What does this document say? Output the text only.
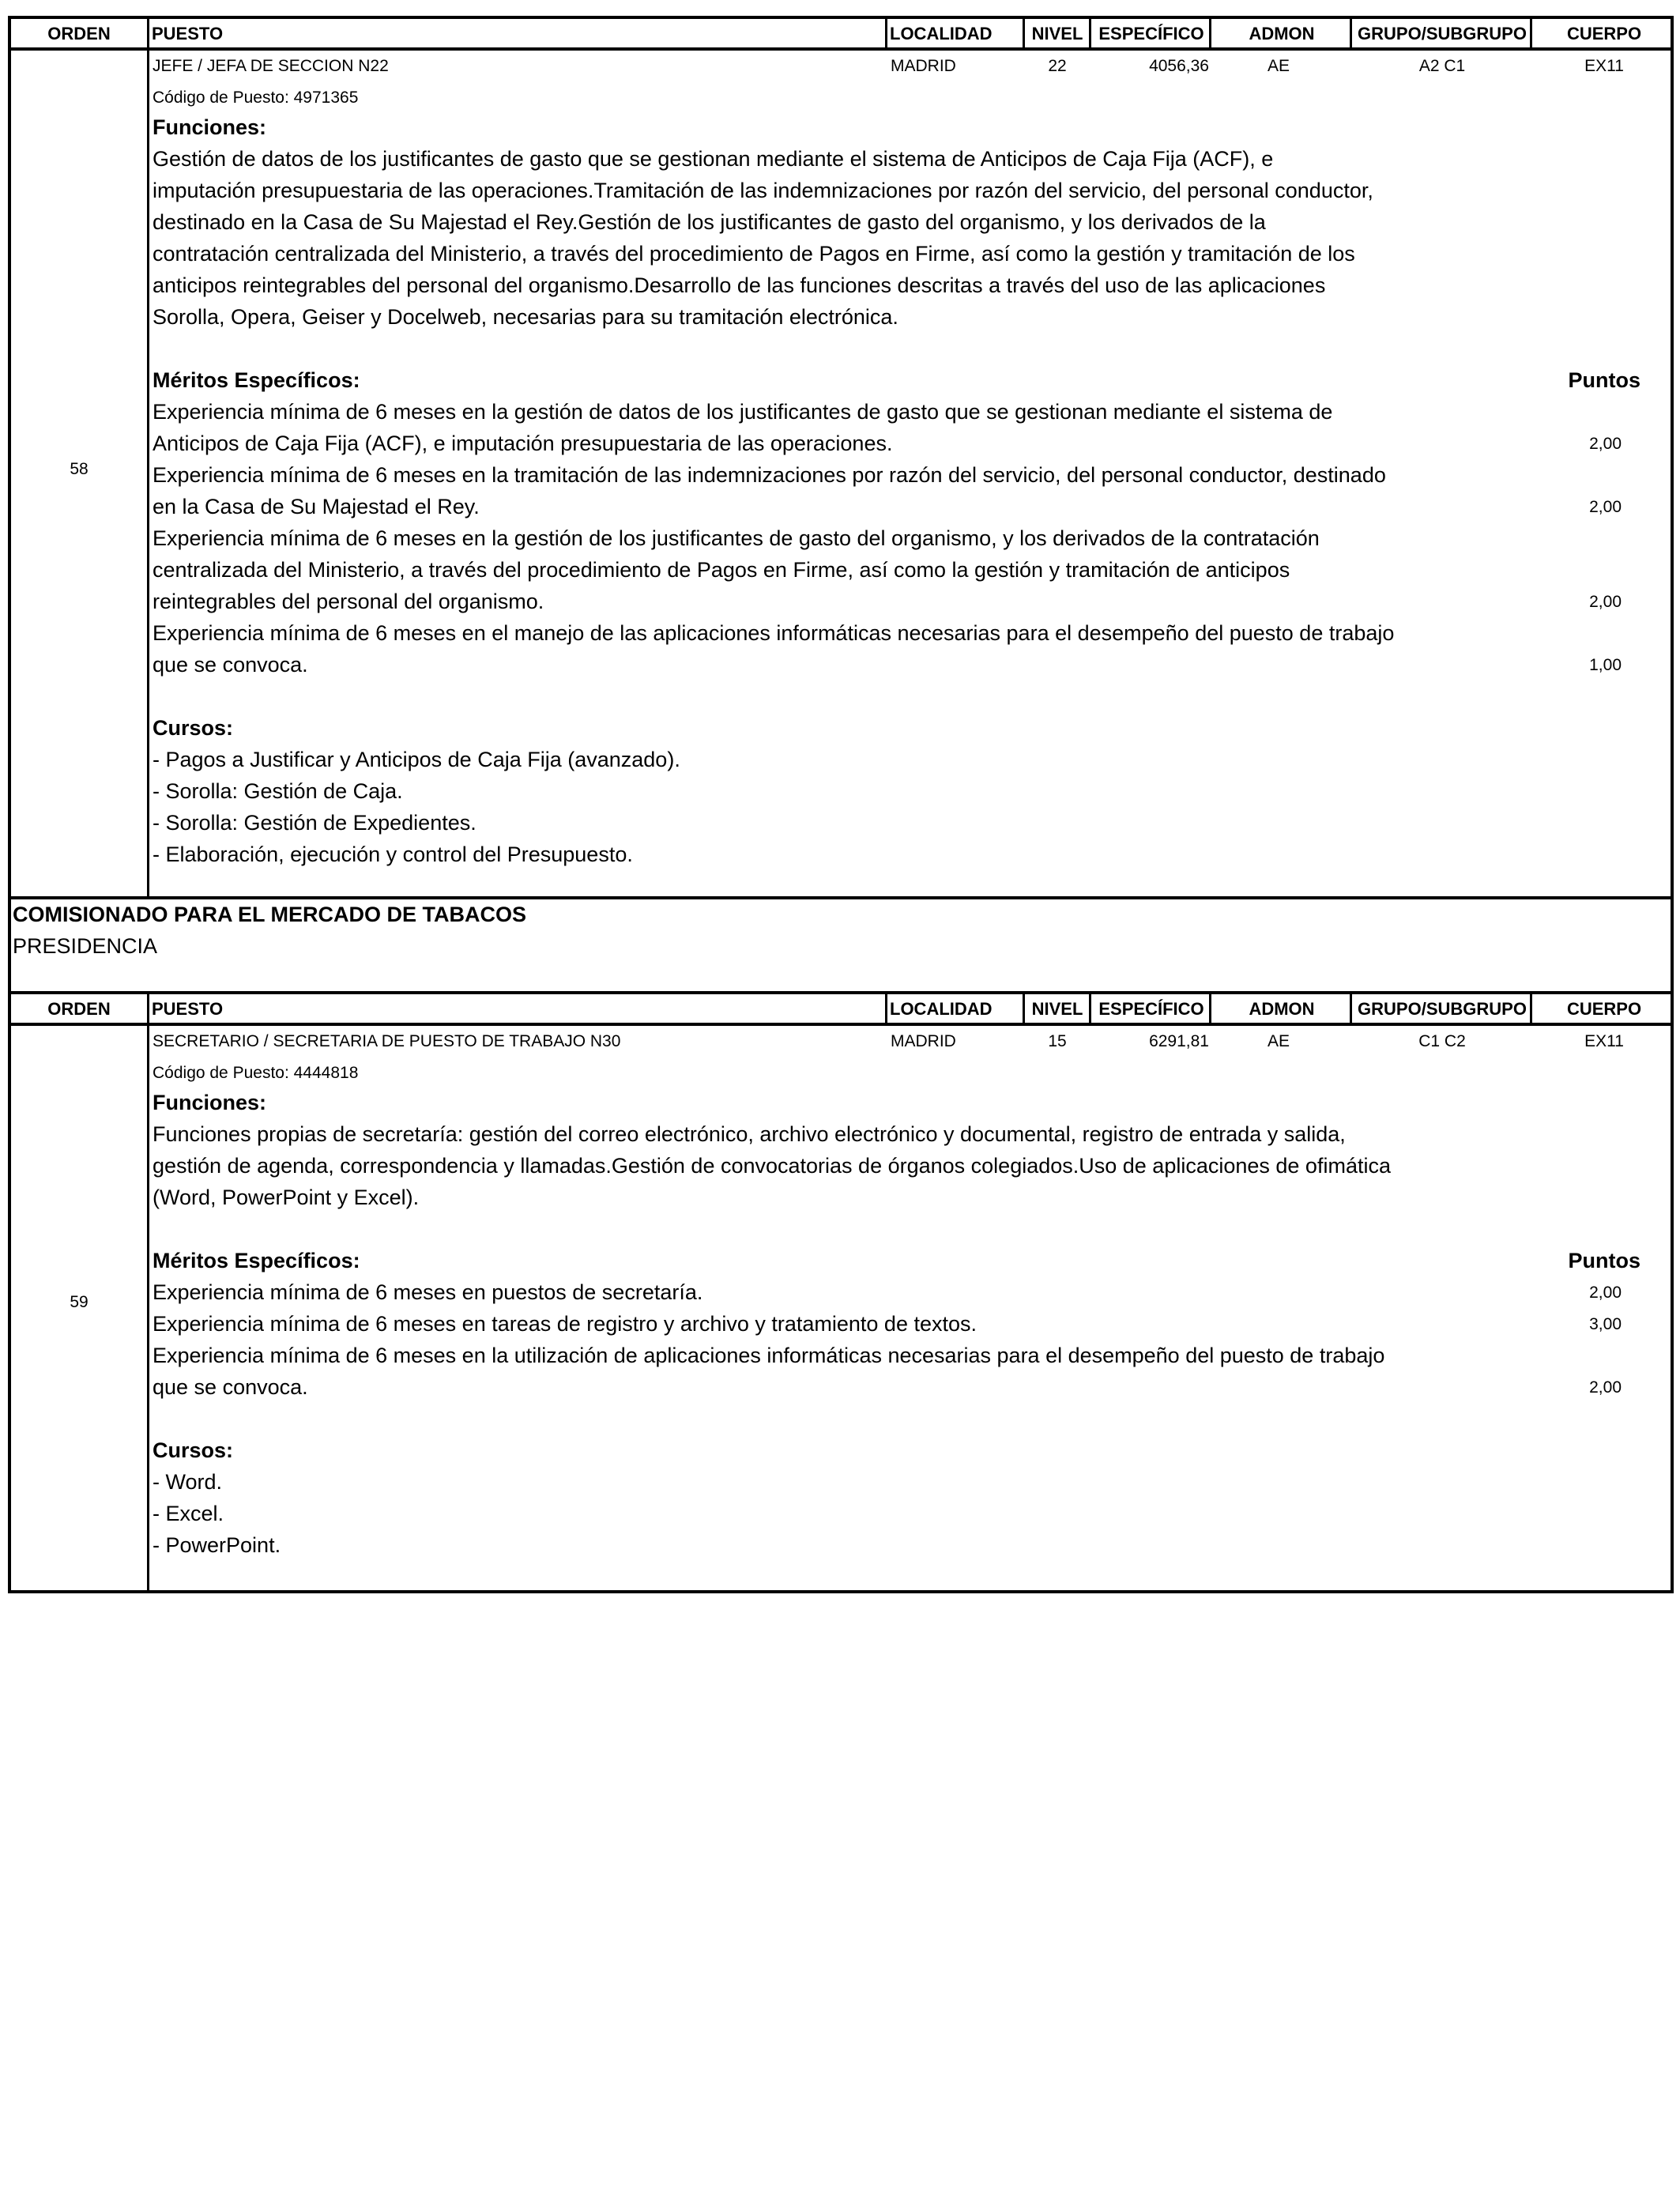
ORDEN	PUESTO	LOCALIDAD	NIVEL ESPECÍFICO	ADMON	GRUPO/SUBGRUPO	CUERPO
58
JEFE / JEFA DE SECCION N22	MADRID	22	4056,36	AE	A2 C1	EX11
Código de Puesto: 4971365
Funciones:
Gestión de datos de los justificantes de gasto que se gestionan mediante el sistema de Anticipos de Caja Fija (ACF), e
imputación presupuestaria de las operaciones.Tramitación de las indemnizaciones por razón del servicio, del personal conductor,
destinado en la Casa de Su Majestad el Rey.Gestión de los justificantes de gasto del organismo, y los derivados de la
contratación centralizada del Ministerio, a través del procedimiento de Pagos en Firme, así como la gestión y tramitación de los
anticipos reintegrables del personal del organismo.Desarrollo de las funciones descritas a través del uso de las aplicaciones
Sorolla, Opera, Geiser y Docelweb, necesarias para su tramitación electrónica.
Méritos Específicos:	Puntos
Experiencia mínima de 6 meses en la gestión de datos de los justificantes de gasto que se gestionan mediante el sistema de
Anticipos de Caja Fija (ACF), e imputación presupuestaria de las operaciones.	2,00
Experiencia mínima de 6 meses en la tramitación de las indemnizaciones por razón del servicio, del personal conductor, destinado
en la Casa de Su Majestad el Rey.	2,00
Experiencia mínima de 6 meses en la gestión de los justificantes de gasto del organismo, y los derivados de la contratación
centralizada del Ministerio, a través del procedimiento de Pagos en Firme, así como la gestión y tramitación de anticipos
reintegrables del personal del organismo.	2,00
Experiencia mínima de 6 meses en el manejo de las aplicaciones informáticas necesarias para el desempeño del puesto de trabajo
que se convoca.	1,00
Cursos:
- Pagos a Justificar y Anticipos de Caja Fija (avanzado).
- Sorolla: Gestión de Caja.
- Sorolla: Gestión de Expedientes.
- Elaboración, ejecución y control del Presupuesto.
COMISIONADO PARA EL MERCADO DE TABACOS
PRESIDENCIA
ORDEN	PUESTO	LOCALIDAD	NIVEL ESPECÍFICO	ADMON	GRUPO/SUBGRUPO	CUERPO
59
SECRETARIO / SECRETARIA DE PUESTO DE TRABAJO N30	MADRID	15	6291,81	AE	C1 C2	EX11
Código de Puesto: 4444818
Funciones:
Funciones propias de secretaría: gestión del correo electrónico, archivo electrónico y documental, registro de entrada y salida,
gestión de agenda, correspondencia y llamadas.Gestión de convocatorias de órganos colegiados.Uso de aplicaciones de ofimática
(Word, PowerPoint y Excel).
Méritos Específicos:	Puntos
Experiencia mínima de 6 meses en puestos de secretaría.	2,00
Experiencia mínima de 6 meses en tareas de registro y archivo y tratamiento de textos.	3,00
Experiencia mínima de 6 meses en la utilización de aplicaciones informáticas necesarias para el desempeño del puesto de trabajo
que se convoca.	2,00
Cursos:
- Word.
- Excel.
- PowerPoint.
